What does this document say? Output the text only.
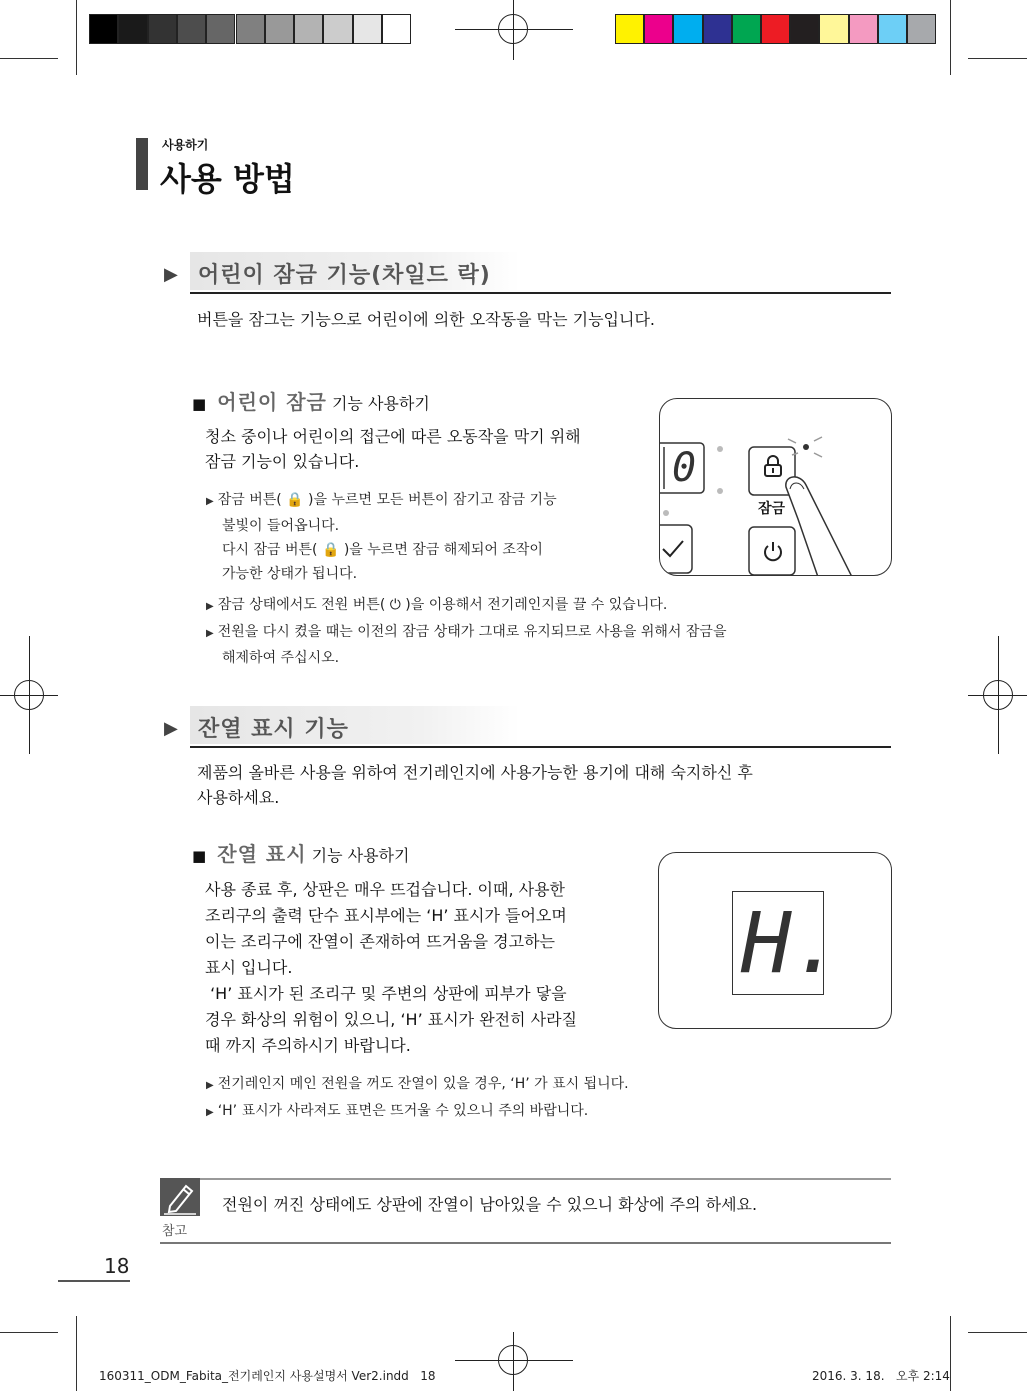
사용하기
사용 방법
▶ 어린이 잠금 기능(차일드 락)
버튼을 잠그는 기능으로 어린이에 의한 오작동을 막는 기능입니다.
■ 어린이 잠금 기능 사용하기
청소 중이나 어린이의 접근에 따른 오동작을 막기 위해
잠금 기능이 있습니다.
▶ 잠금 버튼( 🔒 )을 누르면 모든 버튼이 잠기고 잠금 기능
불빛이 들어옵니다.
다시 잠금 버튼( 🔒 )을 누르면 잠금 해제되어 조작이
가능한 상태가 됩니다.
▶ 잠금 상태에서도 전원 버튼( ⏻ )을 이용해서 전기레인지를 끌 수 있습니다.
▶ 전원을 다시 켰을 때는 이전의 잠금 상태가 그대로 유지되므로 사용을 위해서 잠금을
해제하여 주십시오.
0
잠금
▶ 잔열 표시 기능
제품의 올바른 사용을 위하여 전기레인지에 사용가능한 용기에 대해 숙지하신 후
사용하세요.
■ 잔열 표시 기능 사용하기
사용 종료 후, 상판은 매우 뜨겁습니다. 이때, 사용한
조리구의 출력 단수 표시부에는 ‘H’ 표시가 들어오며
이는 조리구에 잔열이 존재하여 뜨거움을 경고하는
표시 입니다.
‘H’ 표시가 된 조리구 및 주변의 상판에 피부가 닿을
경우 화상의 위험이 있으니, ‘H’ 표시가 완전히 사라질
때 까지 주의하시기 바랍니다.
▶ 전기레인지 메인 전원을 꺼도 잔열이 있을 경우, ‘H’ 가 표시 됩니다.
▶ ‘H’ 표시가 사라져도 표면은 뜨거울 수 있으니 주의 바랍니다.
H.
참고
전원이 꺼진 상태에도 상판에 잔열이 남아있을 수 있으니 화상에 주의 하세요.
18
160311_ODM_Fabita_전기레인지 사용설명서 Ver2.indd   18	2016. 3. 18.   오후 2:14
